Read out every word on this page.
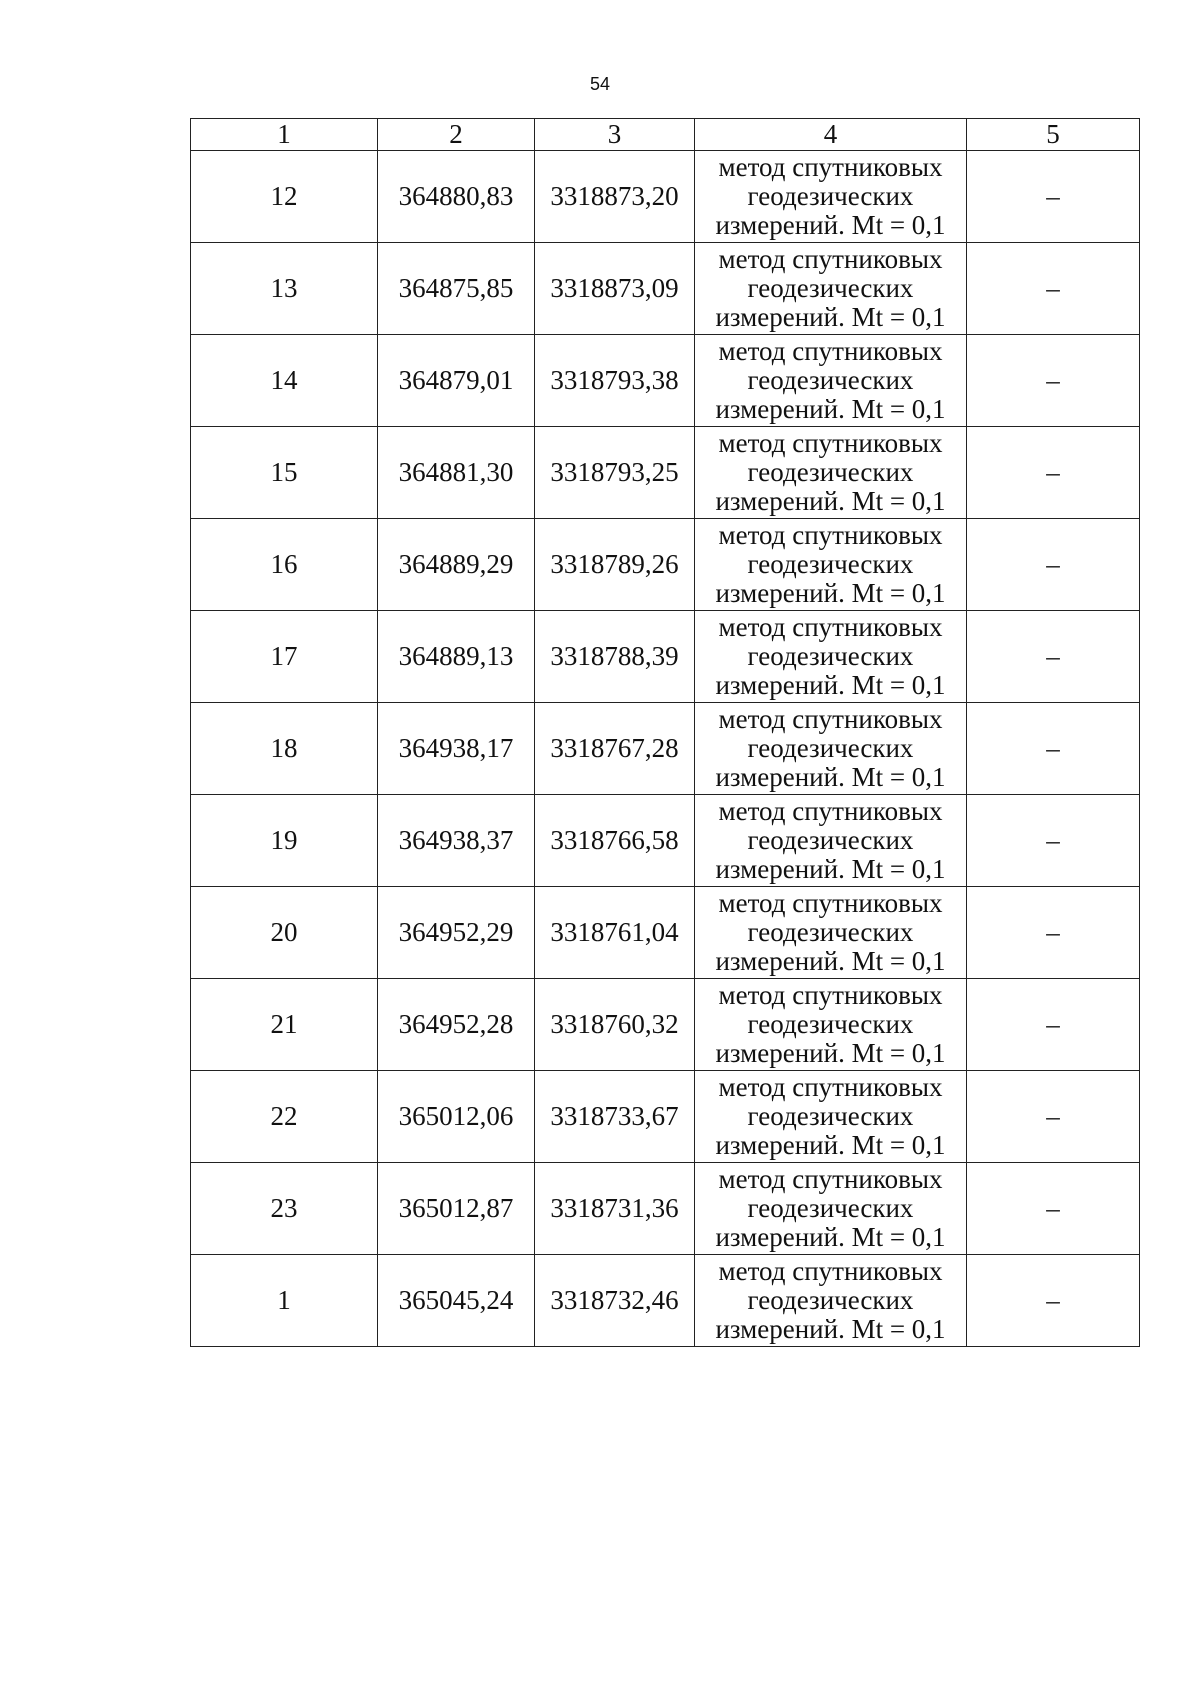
54
1	2	3	4	5
12	364880,83	3318873,20	метод спутниковых
геодезических
измерений. Mt = 0,1	–
13	364875,85	3318873,09	метод спутниковых
геодезических
измерений. Mt = 0,1	–
14	364879,01	3318793,38	метод спутниковых
геодезических
измерений. Mt = 0,1	–
15	364881,30	3318793,25	метод спутниковых
геодезических
измерений. Mt = 0,1	–
16	364889,29	3318789,26	метод спутниковых
геодезических
измерений. Mt = 0,1	–
17	364889,13	3318788,39	метод спутниковых
геодезических
измерений. Mt = 0,1	–
18	364938,17	3318767,28	метод спутниковых
геодезических
измерений. Mt = 0,1	–
19	364938,37	3318766,58	метод спутниковых
геодезических
измерений. Mt = 0,1	–
20	364952,29	3318761,04	метод спутниковых
геодезических
измерений. Mt = 0,1	–
21	364952,28	3318760,32	метод спутниковых
геодезических
измерений. Mt = 0,1	–
22	365012,06	3318733,67	метод спутниковых
геодезических
измерений. Mt = 0,1	–
23	365012,87	3318731,36	метод спутниковых
геодезических
измерений. Mt = 0,1	–
1	365045,24	3318732,46	метод спутниковых
геодезических
измерений. Mt = 0,1	–
